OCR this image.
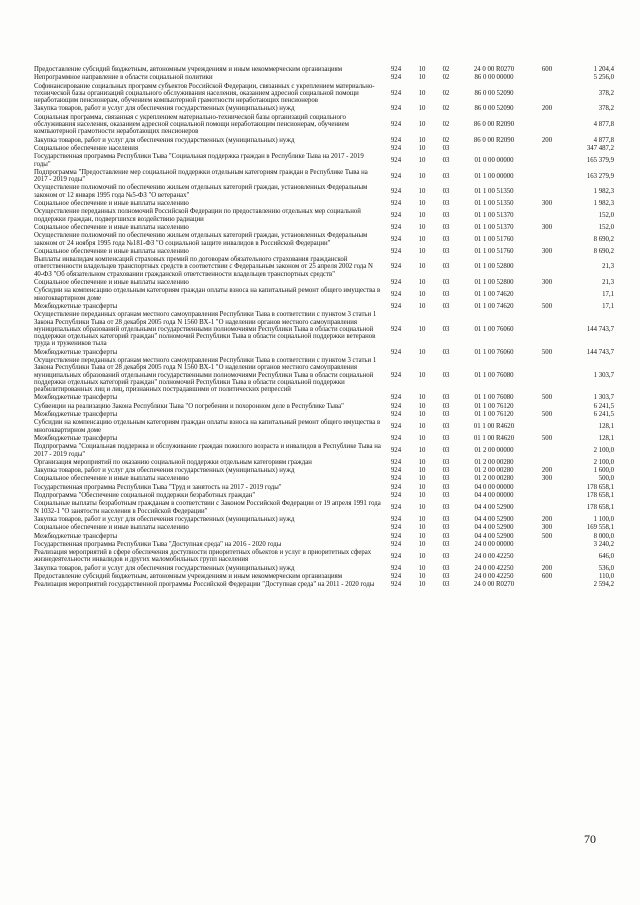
Предоставление субсидий бюджетным, автономным учреждениям и иным некоммерческим организациям	924	10	02	24 0 00 R0270	600	1 204,4
Непрограммное направление в области социальной политики	924	10	02	86 0 00 00000	5 256,0
Софинансирование социальных программ субъектов Российской Федерации, связанных с укреплением материально-технической базы организаций социального обслуживания населения, оказанием адресной социальной помощи неработающим пенсионерам, обучением компьютерной грамотности неработающих пенсионеров
924	10	02	86 0 00 52090	378,2
Закупка товаров, работ и услуг для обеспечения государственных (муниципальных) нужд	924	10	02	86 0 00 52090	200	378,2
Социальная программа, связанная с укреплением материально-технической базы организаций социального обслуживания населения, оказанием адресной социальной помощи неработающим пенсионерам, обучением компьютерной грамотности неработающих пенсионеров
924	10	02	86 0 00 R2090	4 877,8
Закупка товаров, работ и услуг для обеспечения государственных (муниципальных) нужд	924	10	02	86 0 00 R2090	200	4 877,8
Социальное обеспечение населения	924	10	03	347 487,2
Государственная программа Республики Тыва "Социальная поддержка граждан в Республике Тыва на 2017 - 2019 годы"
924	10	03	01 0 00 00000	165 379,9
Подпрограмма "Предоставление мер социальной поддержки отдельным категориям граждан в Республике Тыва на 2017 - 2019 годы"
924	10	03	01 1 00 00000	163 279,9
Осуществление полномочий по обеспечению жильем отдельных категорий граждан, установленных Федеральным законом от 12 января 1995 года №5-ФЗ "О ветеранах"
924	10	03	01 1 00 51350	1 982,3
Социальное обеспечение и иные выплаты населению	924	10	03	01 1 00 51350	300	1 982,3
Осуществление переданных полномочий Российской Федерации по предоставлению отдельных мер социальной поддержки граждан, подвергшихся воздействию радиации
924	10	03	01 1 00 51370	152,0
Социальное обеспечение и иные выплаты населению	924	10	03	01 1 00 51370	300	152,0
Осуществление полномочий по обеспечению жильем отдельных категорий граждан, установленных Федеральным законом от 24 ноября 1995 года №181-ФЗ "О социальной защите инвалидов в Российской Федерации"
924	10	03	01 1 00 51760	8 690,2
Социальное обеспечение и иные выплаты населению	924	10	03	01 1 00 51760	300	8 690,2
Выплаты инвалидам компенсаций страховых премий по договорам обязательного страхования гражданской ответственности владельцев транспортных средств в соответствии с Федеральным законом от 25 апреля 2002 года N 40-ФЗ "Об обязательном страховании гражданской ответственности владельцев транспортных средств"
924	10	03	01 1 00 52800	21,3
Социальное обеспечение и иные выплаты населению	924	10	03	01 1 00 52800	300	21,3
Субсидии на компенсацию отдельным категориям граждан оплаты взноса на капитальный ремонт общего имущества в многоквартирном доме
924	10	03	01 1 00 74620	17,1
Межбюджетные трансферты	924	10	03	01 1 00 74620	500	17,1
Осуществление переданных органам местного самоуправления Республики Тыва в соответствии с пунктом 3 статьи 1 Закона Республики Тыва от 28 декабря 2005 года N 1560 ВХ-1 "О наделении органов местного самоуправления муниципальных образований отдельными государственными полномочиями Республики Тыва в области социальной поддержки отдельных категорий граждан" полномочий Республики Тыва в области социальной поддержки ветеранов труда и тружеников тыла
924	10	03	01 1 00 76060	144 743,7
Межбюджетные трансферты	924	10	03	01 1 00 76060	500	144 743,7
Осуществление переданных органам местного самоуправления Республики Тыва в соответствии с пунктом 3 статьи 1 Закона Республики Тыва от 28 декабря 2005 года N 1560 ВХ-1 "О наделении органов местного самоуправления муниципальных образований отдельными государственными полномочиями Республики Тыва в области социальной поддержки отдельных категорий граждан" полномочий Республики Тыва в области социальной поддержки реабилитированных лиц и лиц, признанных пострадавшими от политических репрессий
924	10	03	01 1 00 76080	1 303,7
Межбюджетные трансферты	924	10	03	01 1 00 76080	500	1 303,7
Субвенции на реализацию Закона Республики Тыва "О погребении и похоронном деле в Республике Тыва"	924	10	03	01 1 00 76120	6 241,5
Межбюджетные трансферты	924	10	03	01 1 00 76120	500	6 241,5
Субсидии на компенсацию отдельным категориям граждан оплаты взноса на капитальный ремонт общего имущества в многоквартирном доме
924	10	03	01 1 00 R4620	128,1
Межбюджетные трансферты	924	10	03	01 1 00 R4620	500	128,1
Подпрограмма "Социальная поддержка и обслуживание граждан пожилого возраста и инвалидов в Республике Тыва на 2017 - 2019 годы"
924	10	03	01 2 00 00000	2 100,0
Организация мероприятий по оказанию социальной поддержки отдельным категориям граждан	924	10	03	01 2 00 00280	2 100,0
Закупка товаров, работ и услуг для обеспечения государственных (муниципальных) нужд	924	10	03	01 2 00 00280	200	1 600,0
Социальное обеспечение и иные выплаты населению	924	10	03	01 2 00 00280	300	500,0
Государственная программа Республики Тыва "Труд и занятость на 2017 - 2019 годы"	924	10	03	04 0 00 00000	178 658,1
Подпрограмма "Обеспечение социальной поддержки безработных граждан"	924	10	03	04 4 00 00000	178 658,1
Социальные выплаты безработным гражданам в соответствии с Законом Российской Федерации от 19 апреля 1991 года N 1032-1 "О занятости населения в Российской Федерации"
924	10	03	04 4 00 52900	178 658,1
Закупка товаров, работ и услуг для обеспечения государственных (муниципальных) нужд	924	10	03	04 4 00 52900	200	1 100,0
Социальное обеспечение и иные выплаты населению	924	10	03	04 4 00 52900	300	169 558,1
Межбюджетные трансферты	924	10	03	04 4 00 52900	500	8 000,0
Государственная программа Республики Тыва "Доступная среда" на 2016 - 2020 годы	924	10	03	24 0 00 00000	3 240,2
Реализация мероприятий в сфере обеспечения доступности приоритетных объектов и услуг в приоритетных сферах жизнедеятельности инвалидов и других маломобильных групп населения
924	10	03	24 0 00 42250	646,0
Закупка товаров, работ и услуг для обеспечения государственных (муниципальных) нужд	924	10	03	24 0 00 42250	200	536,0
Предоставление субсидий бюджетным, автономным учреждениям и иным некоммерческим организациям	924	10	03	24 0 00 42250	600	110,0
Реализация мероприятий государственной программы Российской Федерации "Доступная среда" на 2011 - 2020 годы	924	10	03	24 0 00 R0270	2 594,2
70
